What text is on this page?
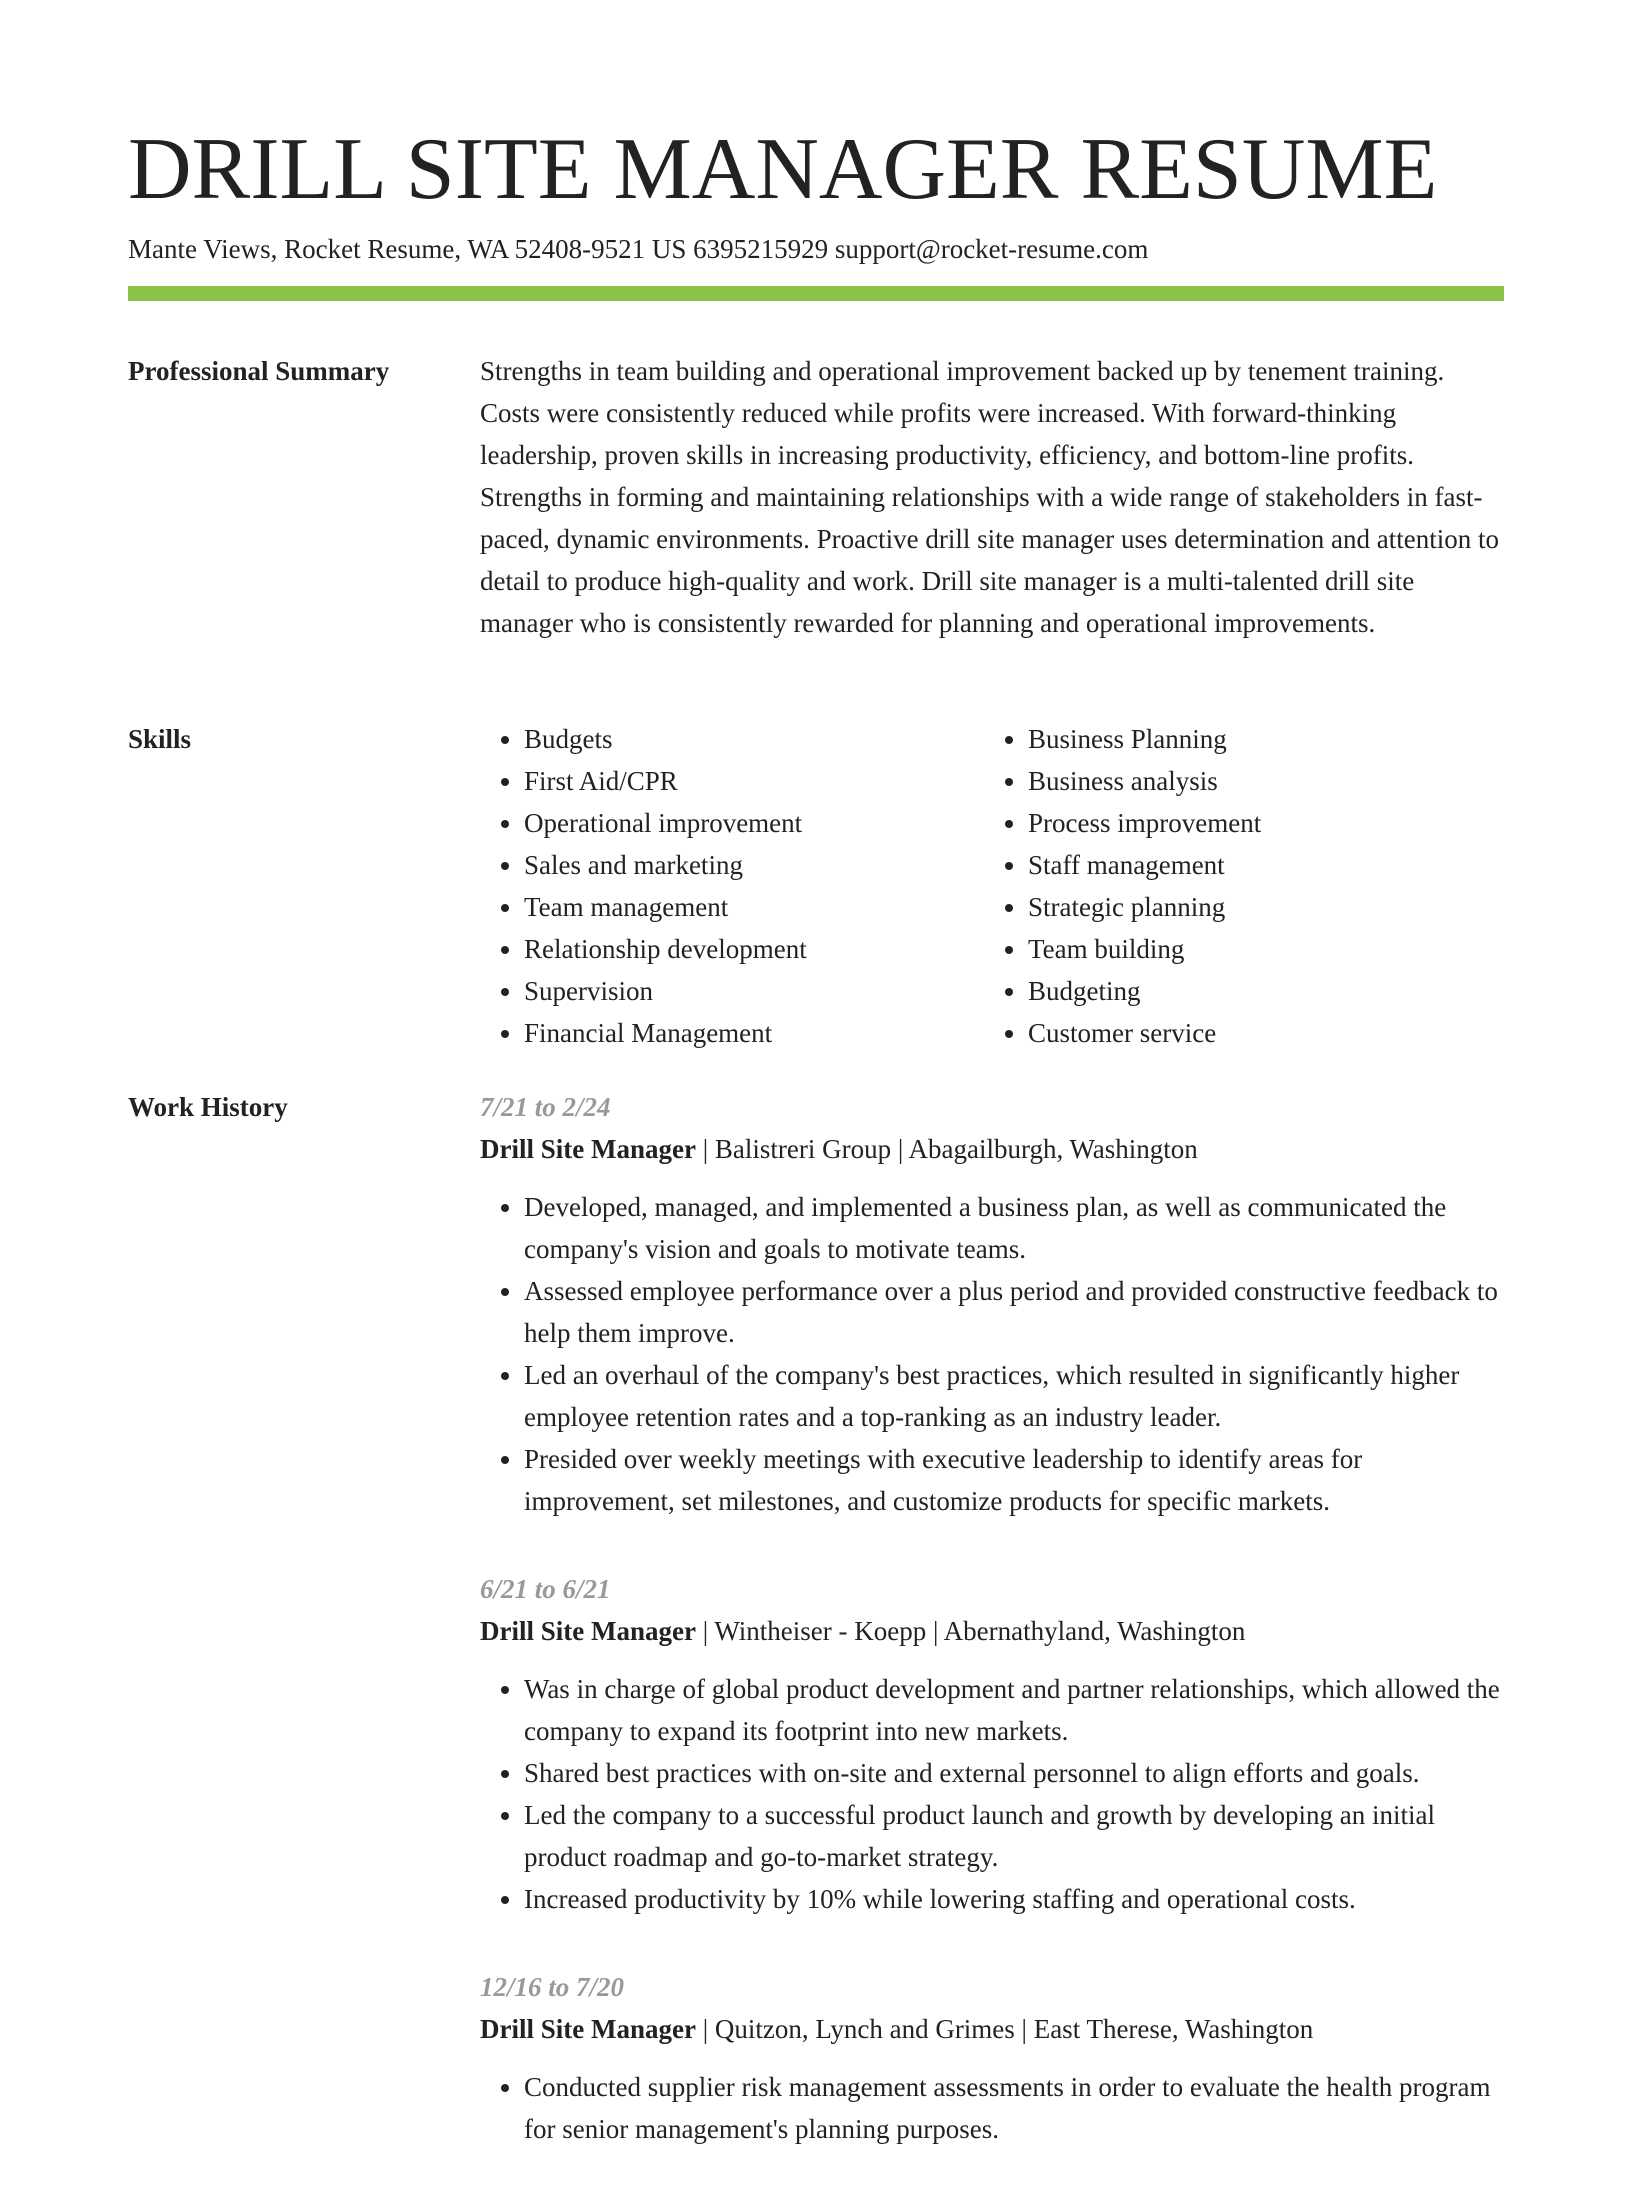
DRILL SITE MANAGER RESUME
Mante Views, Rocket Resume, WA 52408-9521 US 6395215929 support@rocket-resume.com
Professional Summary	Strengths in team building and operational improvement backed up by tenement training. Costs were consistently reduced while profits were increased. With forward-thinking leadership, proven skills in increasing productivity, efficiency, and bottom-line profits. Strengths in forming and maintaining relationships with a wide range of stakeholders in fast-paced, dynamic environments. Proactive drill site manager uses determination and attention to detail to produce high-quality and work. Drill site manager is a multi-talented drill site manager who is consistently rewarded for planning and operational improvements.

Skills
•	Budgets
• First Aid/CPR
• Operational improvement
• Sales and marketing
• Team management
• Relationship development
• Supervision
• Financial Management
• Business Planning
• Business analysis
• Process improvement
• Staff management
• Strategic planning
• Team building
• Budgeting
• Customer service
Work History	7/21 to 2/24
Drill Site Manager | Balistreri Group | Abagailburgh, Washington
• Developed, managed, and implemented a business plan, as well as communicated the company's vision and goals to motivate teams.
• Assessed employee performance over a plus period and provided constructive feedback to help them improve.
• Led an overhaul of the company's best practices, which resulted in significantly higher employee retention rates and a top-ranking as an industry leader.
• Presided over weekly meetings with executive leadership to identify areas for improvement, set milestones, and customize products for specific markets.
6/21 to 6/21
Drill Site Manager | Wintheiser - Koepp | Abernathyland, Washington
• Was in charge of global product development and partner relationships, which allowed the company to expand its footprint into new markets.
• Shared best practices with on-site and external personnel to align efforts and goals.
• Led the company to a successful product launch and growth by developing an initial product roadmap and go-to-market strategy.
• Increased productivity by 10% while lowering staffing and operational costs.
12/16 to 7/20
Drill Site Manager | Quitzon, Lynch and Grimes | East Therese, Washington
• Conducted supplier risk management assessments in order to evaluate the health program for senior management's planning purposes.
